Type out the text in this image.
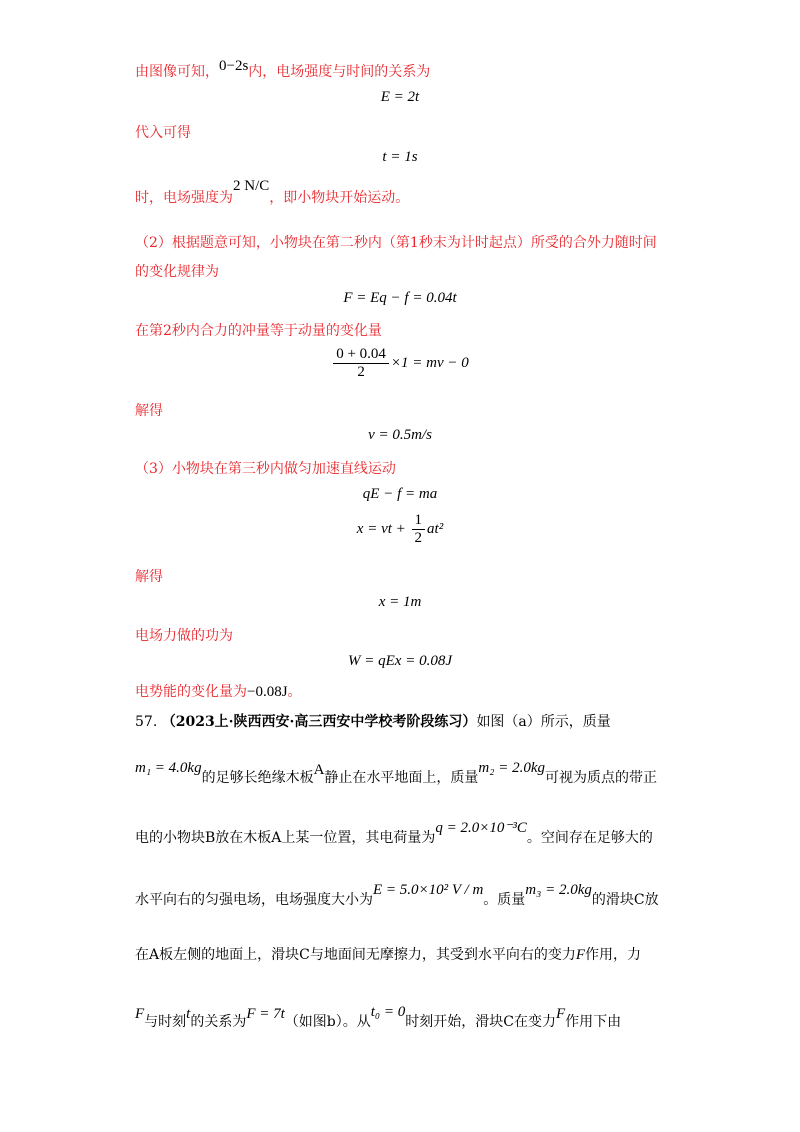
由图像可知，0−2s内，电场强度与时间的关系为
E = 2t
代入可得
t = 1s
时，电场强度为2 N/C，即小物块开始运动。
（2）根据题意可知，小物块在第二秒内（第1秒末为计时起点）所受的合外力随时间
的变化规律为
F = Eq − f = 0.04t
在第2秒内合力的冲量等于动量的变化量
$\frac{0 + 0.04}{2} \times 1$ = mv − 0
解得
v = 0.5m/s
（3）小物块在第三秒内做匀加速直线运动
qE − f = ma
x = vt + $\frac{1}{2} at^2$
解得
x = 1m
电场力做的功为
W = qEx = 0.08J
电势能的变化量为−0.08J。
57. （2023上·陕西西安·高三西安中学校考阶段练习）如图（a）所示，质量
m₁ = 4.0kg的足够长绝缘木板A静止在水平地面上，质量m₂ = 2.0kg可视为质点的带正
电的小物块B放在木板A上某一位置，其电荷量为q = 2.0×10⁻³C。空间存在足够大的
水平向右的匀强电场，电场强度大小为E = 5.0×10² V / m。质量m₃ = 2.0kg的滑块C放
在A板左侧的地面上，滑块C与地面间无摩擦力，其受到水平向右的变力F作用，力
F与时刻t的关系为F = 7t（如图b）。从t₀ = 0时刻开始，滑块C在变力F作用下由
